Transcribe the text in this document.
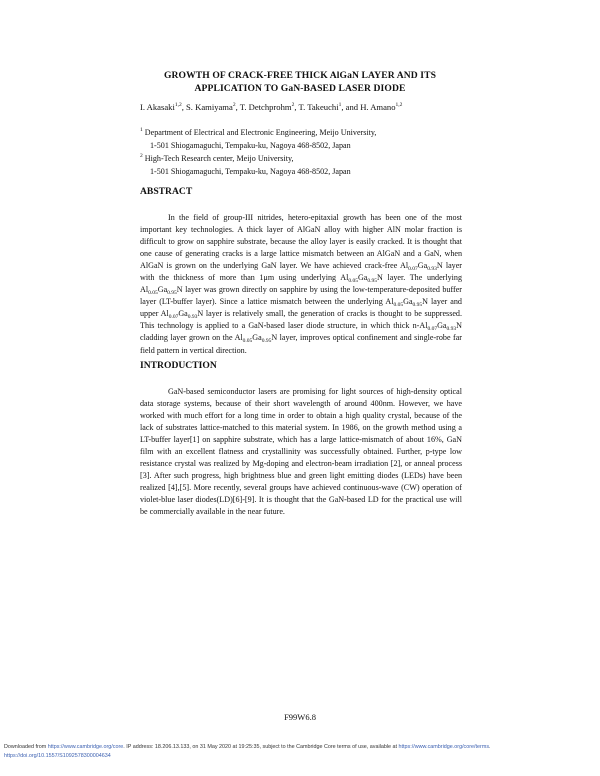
GROWTH OF CRACK-FREE THICK AlGaN LAYER AND ITS
APPLICATION TO GaN-BASED LASER DIODE
I. Akasaki$^{1,2}$, S. Kamiyama$^2$, T. Detchprohm$^2$, T. Takeuchi$^1$, and H. Amano$^{1,2}$
$^1$ Department of Electrical and Electronic Engineering, Meijo University,
1-501 Shiogamaguchi, Tempaku-ku, Nagoya 468-8502, Japan
$^2$ High-Tech Research center, Meijo University,
1-501 Shiogamaguchi, Tempaku-ku, Nagoya 468-8502, Japan
ABSTRACT

In the field of group-III nitrides, hetero-epitaxial growth has been one of the most important key technologies. A thick layer of AlGaN alloy with higher AlN molar fraction is difficult to grow on sapphire substrate, because the alloy layer is easily cracked. It is thought that one cause of generating cracks is a large lattice mismatch between an AlGaN and a GaN, when AlGaN is grown on the underlying GaN layer. We have achieved crack-free $Al_{0.07}Ga_{0.93}N$ layer with the thickness of more than 1μm using underlying $Al_{0.05}Ga_{0.95}N$ layer. The underlying $Al_{0.05}Ga_{0.95}N$ layer was grown directly on sapphire by using the low-temperature-deposited buffer layer (LT-buffer layer). Since a lattice mismatch between the underlying $Al_{0.05}Ga_{0.95}N$ layer and upper $Al_{0.07}Ga_{0.93}N$ layer is relatively small, the generation of cracks is thought to be suppressed. This technology is applied to a GaN-based laser diode structure, in which thick $n-Al_{0.07}Ga_{0.93}N$ cladding layer grown on the $Al_{0.05}Ga_{0.95}N$ layer, improves optical confinement and single-robe far field pattern in vertical direction.

INTRODUCTION

GaN-based semiconductor lasers are promising for light sources of high-density optical data storage systems, because of their short wavelength of around 400nm. However, we have worked with much effort for a long time in order to obtain a high quality crystal, because of the lack of substrates lattice-matched to this material system. In 1986, on the growth method using a LT-buffer layer[1] on sapphire substrate, which has a large lattice-mismatch of about 16%, GaN film with an excellent flatness and crystallinity was successfully obtained. Further, p-type low resistance crystal was realized by Mg-doping and electron-beam irradiation [2], or anneal process [3]. After such progress, high brightness blue and green light emitting diodes (LEDs) have been realized [4],[5]. More recently, several groups have achieved continuous-wave (CW) operation of violet-blue laser diodes(LD)[6]-[9]. It is thought that the GaN-based LD for the practical use will be commercially available in the near future.

F99W6.8
Downloaded from https://www.cambridge.org/core. IP address: 18.206.13.133, on 31 May 2020 at 19:25:35, subject to the Cambridge Core terms of use, available at https://www.cambridge.org/core/terms.
https://doi.org/10.1557/S1092578300004634
